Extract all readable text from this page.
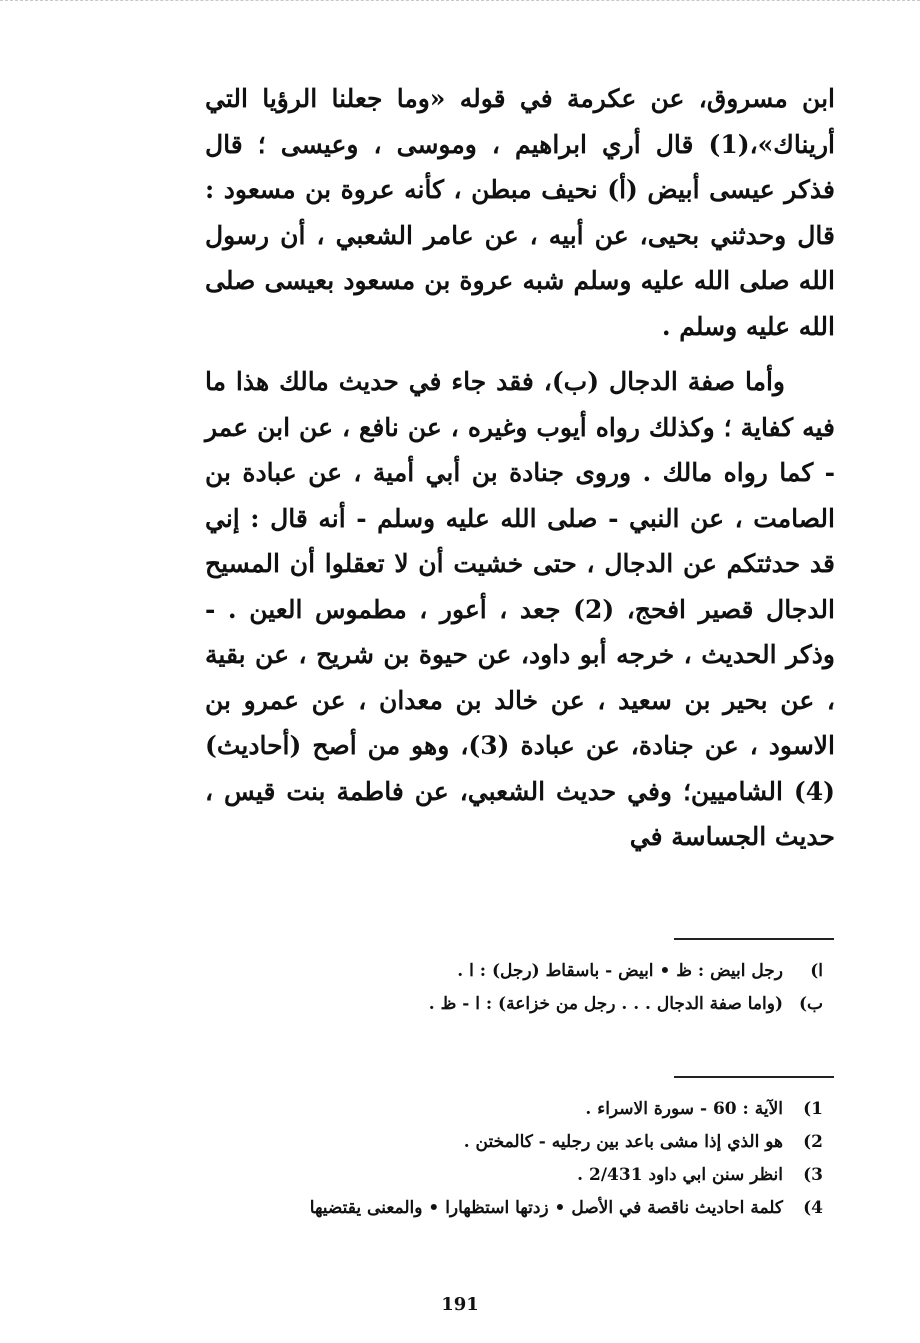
ابن مسروق، عن عكرمة في قوله «وما جعلنا الرؤيا التي أريناك»،(1) قال أري ابراهيم ، وموسى ، وعيسى ؛ قال فذكر عيسى أبيض (أ) نحيف مبطن ، كأنه عروة بن مسعود : قال وحدثني بحيى، عن أبيه ، عن عامر الشعبي ، أن رسول الله صلى الله عليه وسلم شبه عروة بن مسعود بعيسى صلى الله عليه وسلم .

وأما صفة الدجال (ب)، فقد جاء في حديث مالك هذا ما فيه كفاية ؛ وكذلك رواه أيوب وغيره ، عن نافع ، عن ابن عمر - كما رواه مالك . وروى جنادة بن أبي أمية ، عن عبادة بن الصامت ، عن النبي - صلى الله عليه وسلم - أنه قال : إني قد حدثتكم عن الدجال ، حتى خشيت أن لا تعقلوا أن المسيح الدجال قصير افحج، (2) جعد ، أعور ، مطموس العين . - وذكر الحديث ، خرجه أبو داود، عن حيوة بن شريح ، عن بقية ، عن بحير بن سعيد ، عن خالد بن معدان ، عن عمرو بن الاسود ، عن جنادة، عن عبادة (3)، وهو من أصح (أحاديث) (4) الشاميين؛ وفي حديث الشعبي، عن فاطمة بنت قيس ، حديث الجساسة في

ا)
رجل ابيض : ظ • ابيض - باسقاط (رجل) : ا .
ب)
(واما صفة الدجال . . . رجل من خزاعة) : ا - ظ .
1)
الآية : 60 - سورة الاسراء .
2)
هو الذي إذا مشى باعد بين رجليه - كالمختن .
3)
انظر سنن ابي داود 2/431 .
4)
كلمة احاديث ناقصة في الأصل • زدتها استظهارا • والمعنى يقتضيها
191
